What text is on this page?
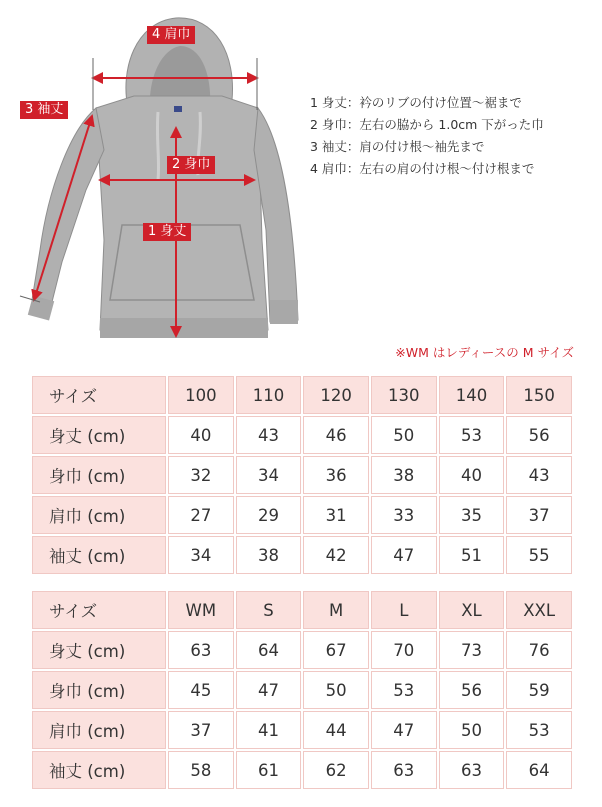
4 肩巾
3 袖丈
2 身巾
1 身丈
1 身丈：衿のリブの付け位置～裾まで
2 身巾：左右の脇から 1.0cm 下がった巾
3 袖丈：肩の付け根～袖先まで
4 肩巾：左右の肩の付け根～付け根まで
※WM はレディースの M サイズ
サイズ	100	110	120	130	140	150
身丈 (cm)	40	43	46	50	53	56
身巾 (cm)	32	34	36	38	40	43
肩巾 (cm)	27	29	31	33	35	37
袖丈 (cm)	34	38	42	47	51	55
サイズ	WM	S	M	L	XL	XXL
身丈 (cm)	63	64	67	70	73	76
身巾 (cm)	45	47	50	53	56	59
肩巾 (cm)	37	41	44	47	50	53
袖丈 (cm)	58	61	62	63	63	64
